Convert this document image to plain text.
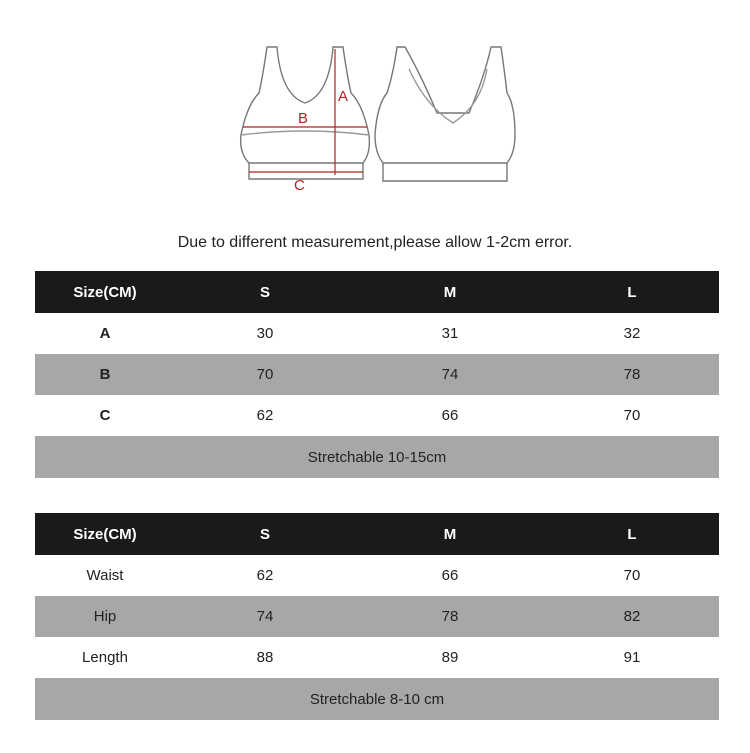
A
B
C
Due to different measurement,please allow 1-2cm error.
Size(CM)	S	M	L
A	30	31	32
B	70	74	78
C	62	66	70
Stretchable 10-15cm			
Size(CM)	S	M	L
Waist	62	66	70
Hip	74	78	82
Length	88	89	91
Stretchable 8-10 cm			
